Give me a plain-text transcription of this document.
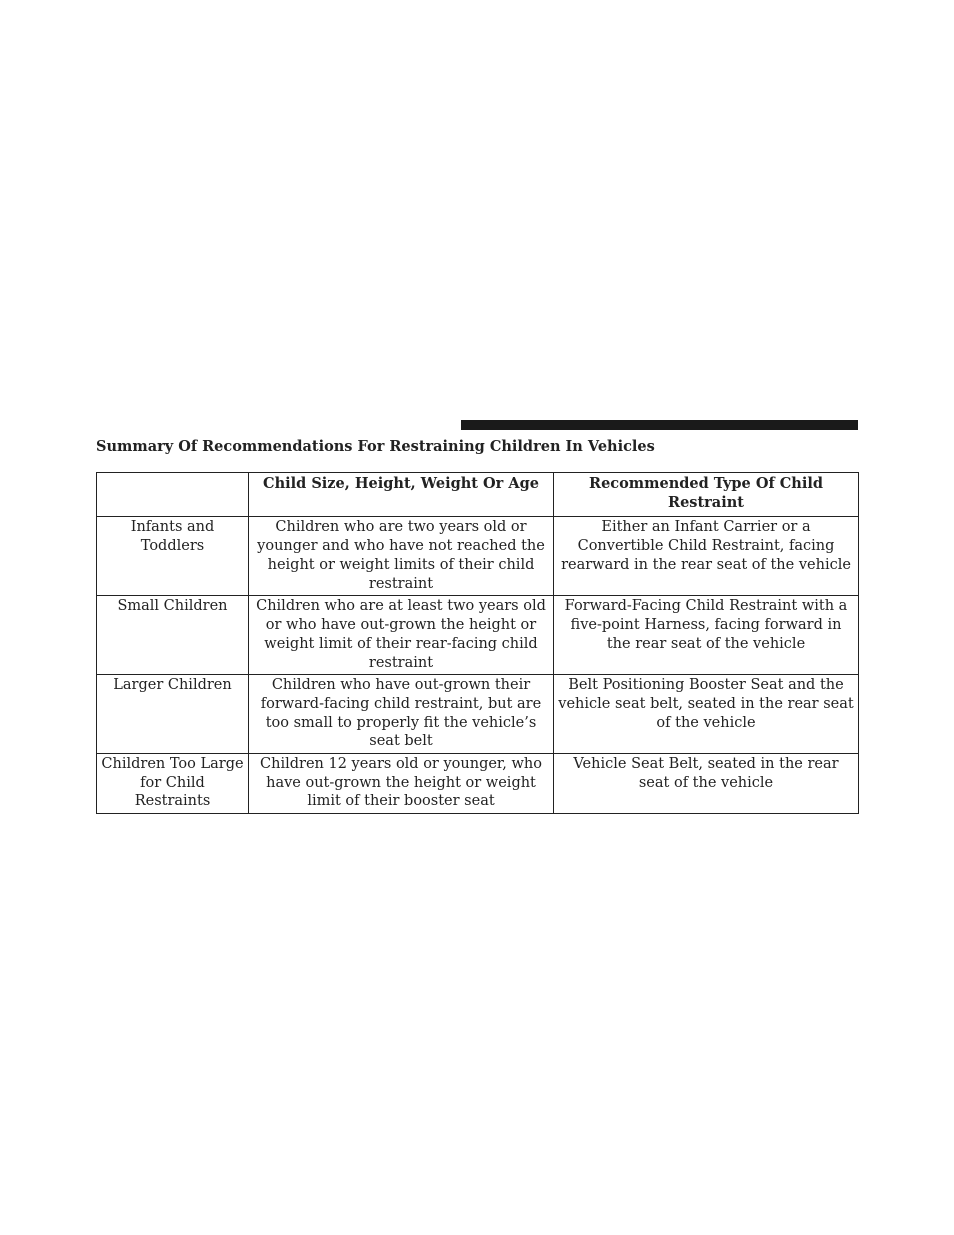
Summary Of Recommendations For Restraining Children In Vehicles
	Child Size, Height, Weight Or Age	Recommended Type Of Child Restraint
Infants and Toddlers	Children who are two years old or younger and who have not reached the height or weight limits of their child restraint	Either an Infant Carrier or a Convertible Child Restraint, facing rearward in the rear seat of the vehicle
Small Children	Children who are at least two years old or who have out-grown the height or weight limit of their rear-facing child restraint	Forward-Facing Child Restraint with a five-point Harness, facing forward in the rear seat of the vehicle
Larger Children	Children who have out-grown their forward-facing child restraint, but are too small to properly fit the vehicle’s seat belt	Belt Positioning Booster Seat and the vehicle seat belt, seated in the rear seat of the vehicle
Children Too Large for Child Restraints	Children 12 years old or younger, who have out-grown the height or weight limit of their booster seat	Vehicle Seat Belt, seated in the rear seat of the vehicle
